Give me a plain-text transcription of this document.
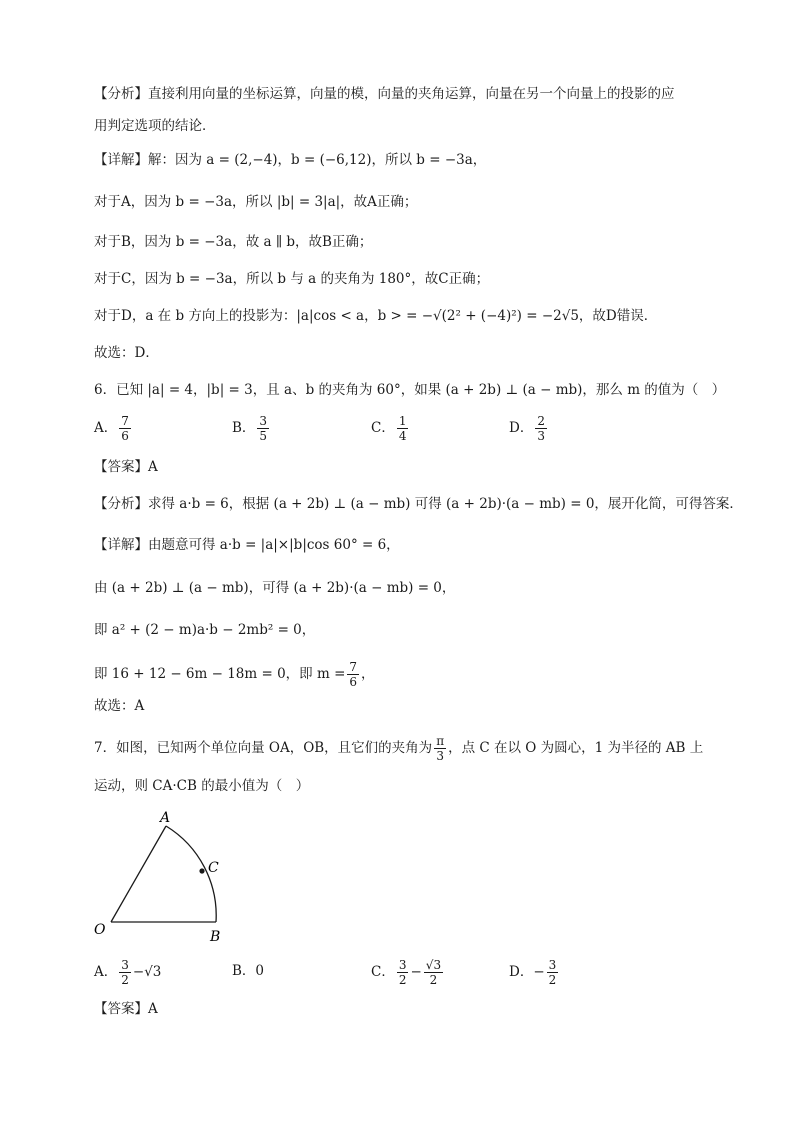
【分析】直接利用向量的坐标运算，向量的模，向量的夹角运算，向量在另一个向量上的投影的应
用判定选项的结论．
【详解】解：因为 a = (2,−4)，b = (−6,12)，所以 b = −3a，
对于A，因为 b = −3a，所以 |b| = 3|a|，故A正确；
对于B，因为 b = −3a，故 a ∥ b，故B正确；
对于C，因为 b = −3a，所以 b 与 a 的夹角为 180°，故C正确；
对于D，a 在 b 方向上的投影为：|a|cos < a，b > = −√(2² + (−4)²) = −2√5，故D错误．
故选：D．
6．已知 |a| = 4，|b| = 3，且 a、b 的夹角为 60°，如果 (a + 2b) ⊥ (a − mb)，那么 m 的值为（　）
A． $\frac{7}{6}$	B． $\frac{3}{5}$	C． $\frac{1}{4}$	D． $\frac{2}{3}$
【答案】A
【分析】求得 a·b = 6，根据 (a + 2b) ⊥ (a − mb) 可得 (a + 2b)·(a − mb) = 0，展开化简，可得答案．
【详解】由题意可得 a·b = |a|×|b|cos 60° = 6，
由 (a + 2b) ⊥ (a − mb)，可得 (a + 2b)·(a − mb) = 0，
即 a² + (2 − m)a·b − 2mb² = 0，
即 16 + 12 − 6m − 18m = 0，即 $m = \frac{7}{6}$ ，
故选：A
7．如图，已知两个单位向量 OA，OB，且它们的夹角为 $\frac{\pi}{3}$ ，点 C 在以 O 为圆心，1 为半径的 AB 上
运动，则 CA·CB 的最小值为（　）
A
C
O	B
A． $\frac{3}{2} -√3$	B．0	C． $\frac{3}{2} - \frac{√3}{2}$	D．− $\frac{3}{2}$
【答案】A
